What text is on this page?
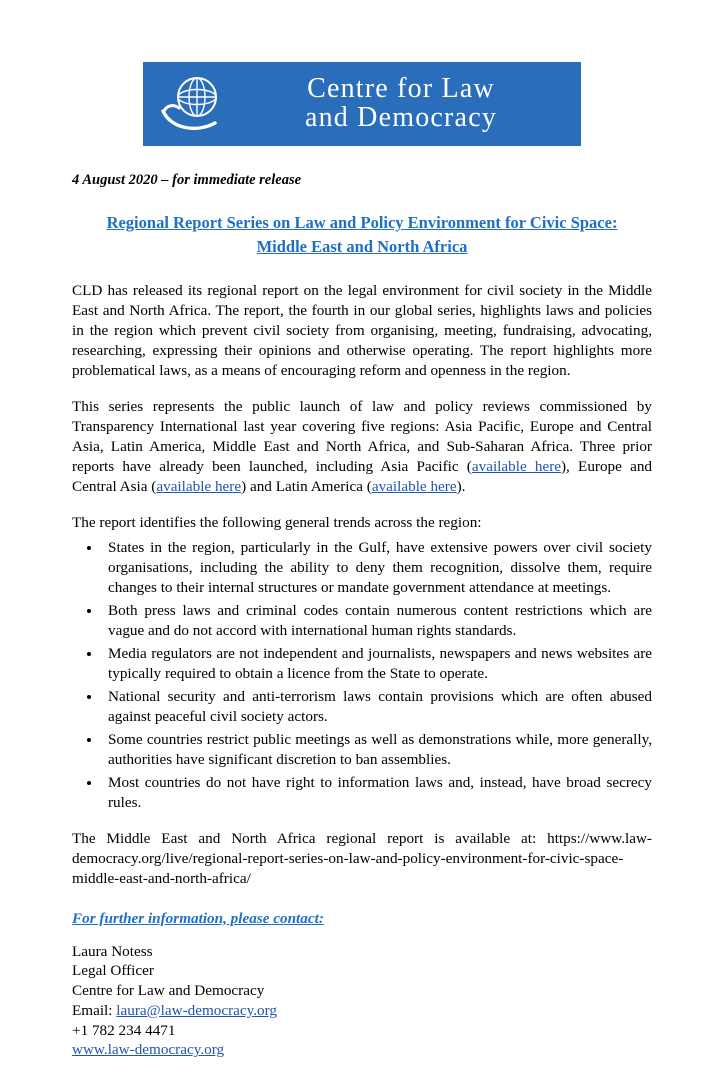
Centre for Law
and Democracy
4 August 2020 – for immediate release
Regional Report Series on Law and Policy Environment for Civic Space:
Middle East and North Africa

CLD has released its regional report on the legal environment for civil society in the Middle East and North Africa. The report, the fourth in our global series, highlights laws and policies in the region which prevent civil society from organising, meeting, fundraising, advocating, researching, expressing their opinions and otherwise operating. The report highlights more problematical laws, as a means of encouraging reform and openness in the region.

This series represents the public launch of law and policy reviews commissioned by Transparency International last year covering five regions: Asia Pacific, Europe and Central Asia, Latin America, Middle East and North Africa, and Sub-Saharan Africa. Three prior reports have already been launched, including Asia Pacific (available here), Europe and Central Asia (available here) and Latin America (available here).

The report identifies the following general trends across the region:

• States in the region, particularly in the Gulf, have extensive powers over civil society organisations, including the ability to deny them recognition, dissolve them, require changes to their internal structures or mandate government attendance at meetings.
• Both press laws and criminal codes contain numerous content restrictions which are vague and do not accord with international human rights standards.
• Media regulators are not independent and journalists, newspapers and news websites are typically required to obtain a licence from the State to operate.
• National security and anti-terrorism laws contain provisions which are often abused against peaceful civil society actors.
• Some countries restrict public meetings as well as demonstrations while, more generally, authorities have significant discretion to ban assemblies.
• Most countries do not have right to information laws and, instead, have broad secrecy rules.

The Middle East and North Africa regional report is available at: https://www.law-democracy.org/live/regional-report-series-on-law-and-policy-environment-for-civic-space-middle-east-and-north-africa/

For further information, please contact:
Laura Notess
Legal Officer
Centre for Law and Democracy
Email: laura@law-democracy.org
+1 782 234 4471
www.law-democracy.org
